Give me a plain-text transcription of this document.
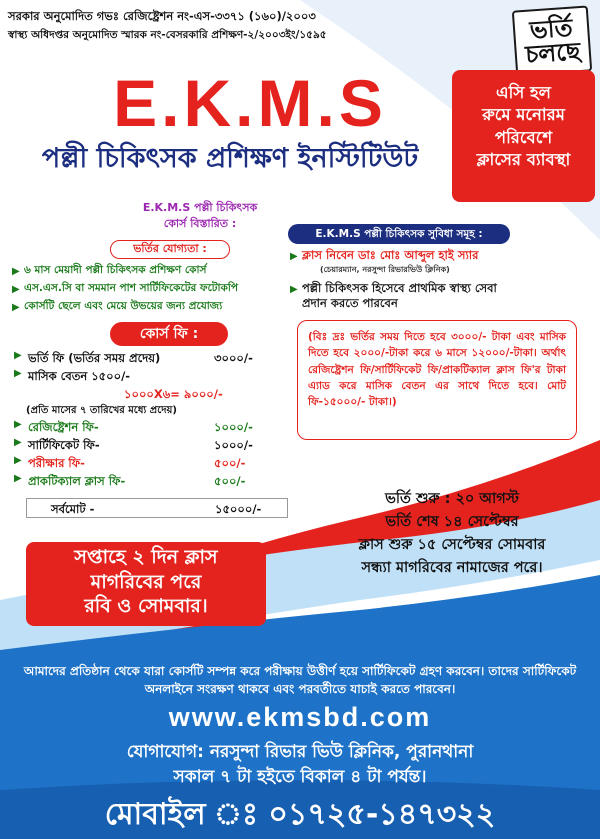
সরকার অনুমোদিত গভঃ রেজিষ্ট্রেশন নং-এস-৩৩৭১ (১৬০)/২০০৩
স্বাস্থ্য অধিদপ্তর অনুমোদিত স্মারক নং-বেসরকারি প্রশিক্ষণ-২/২০০৩ইং/১৫৯৫	ভর্তি চলছে
E.K.M.S
পল্লী চিকিৎসক প্রশিক্ষণ ইনস্টিটিউট
এসি হল
রুমে মনোরম
পরিবেশে
ক্লাসের ব্যাবস্থা
E.K.M.S পল্লী চিকিৎসক
কোর্স বিস্তারিত :
ভর্তির যোগ্যতা :
▶ ৬ মাস মেয়াদী পল্লী চিকিৎসক প্রশিক্ষণ কোর্স
▶ এস.এস.সি বা সমমান পাশ সার্টিফিকেটের ফটোকপি
▶ কোর্সটি ছেলে এবং মেয়ে উভয়ের জন্য প্রযোজ্য
কোর্স ফি :
▶ ভর্তি ফি (ভর্তির সময় প্রদেয়)	৩০০০/-
▶ মাসিক বেতন ১৫০০/-
১০০০X৬= ৯০০০/-
(প্রতি মাসের ৭ তারিখের মধ্যে প্রদেয়)
▶ রেজিষ্ট্রেশন ফি-	১০০০/-
▶ সার্টিফিকেট ফি-	১০০০/-
▶ পরীক্ষার ফি-	৫০০/-
▶ প্রাকটিক্যাল ক্লাস ফি-	৫০০/-
সর্বমোট -	১৫০০০/-
E.K.M.S পল্লী চিকিৎসক সুবিধা সমূহ :
▶ ক্লাস নিবেন ডাঃ মোঃ আব্দুল হাই স্যার
(চেয়ারম্যান, নরসুন্দা রিভারভিউ ক্লিনিক)
▶ পল্লী চিকিৎসক হিসেবে প্রাথমিক স্বাস্থ্য সেবা প্রদান করতে পারবেন
(বিঃ দ্রঃ ভর্তির সময় দিতে হবে ৩০০০/- টাকা এবং মাসিক দিতে হবে ২০০০/-টাকা করে ৬ মাসে ১২০০০/-টাকা। অর্থাৎ রেজিষ্ট্রেশন ফি/সার্টিফিকেট ফি/প্রাকটিক্যাল ক্লাস ফি'র টাকা এ্যাড করে মাসিক বেতন এর সাথে দিতে হবে। মোট ফি-১৫০০০/- টাকা।)
ভর্তি শুরু : ২০ আগস্ট
ভর্তি শেষ ১৪ সেপ্টেম্বর
ক্লাস শুরু ১৫ সেপ্টেম্বর সোমবার
সন্ধ্যা মাগরিবের নামাজের পরে।
সপ্তাহে ২ দিন ক্লাস
মাগরিবের পরে
রবি ও সোমবার।
আমাদের প্রতিষ্ঠান থেকে যারা কোর্সটি সম্পন্ন করে পরীক্ষায় উত্তীর্ণ হয়ে সার্টিফিকেট গ্রহণ করবেন। তাদের সার্টিফিকেট অনলাইনে সংরক্ষণ থাকবে এবং পরবর্তীতে যাচাই করতে পারবেন।
www.ekmsbd.com
যোগাযোগ: নরসুন্দা রিভার ভিউ ক্লিনিক, পুরানথানা
সকাল ৭ টা হইতে বিকাল ৪ টা পর্যন্ত।
মোবাইল ঃ ০১৭২৫-১৪৭৩২২
